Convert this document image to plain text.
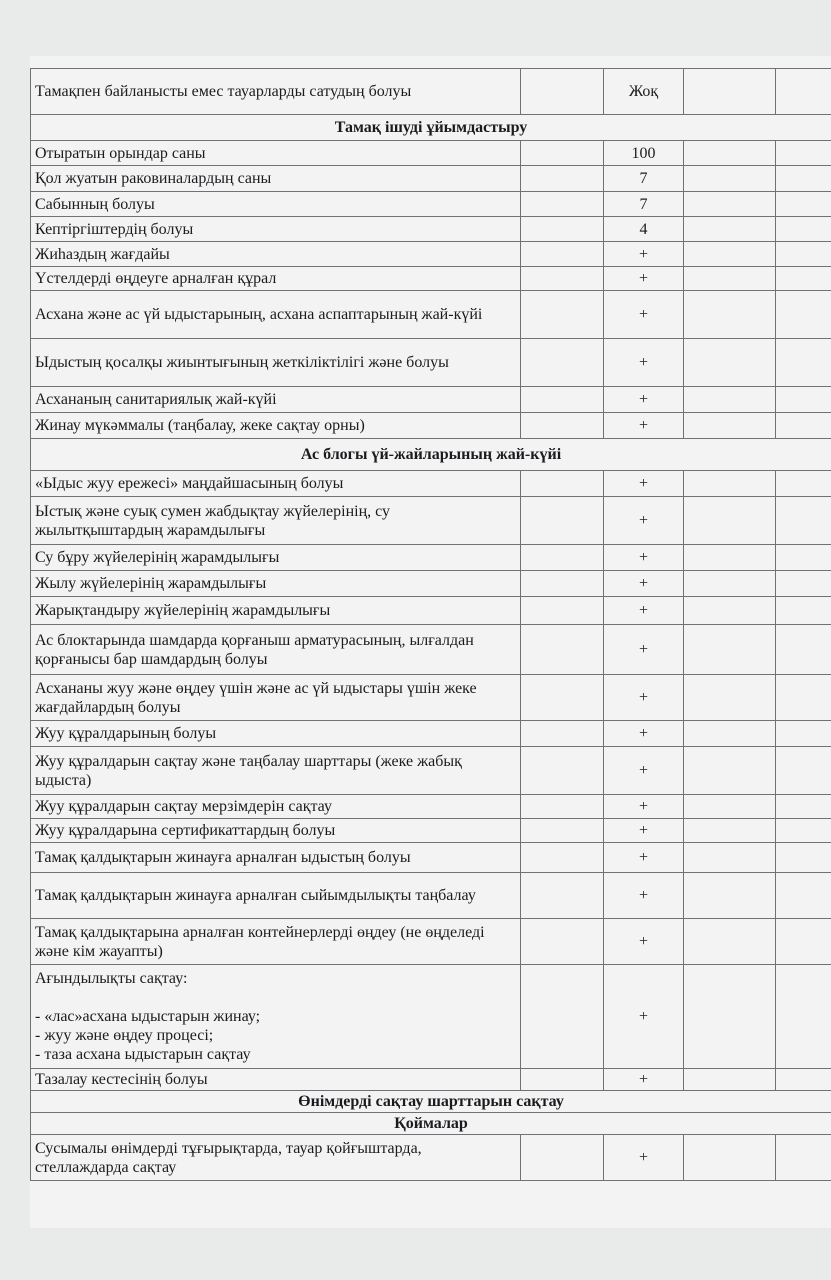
Тамақпен байланысты емес тауарларды сатудың болуы		Жоқ		
Тамақ ішуді ұйымдастыру				
Отыратын орындар саны		100		
Қол жуатын раковиналардың саны		7		
Сабынның болуы		7		
Кептіргіштердің болуы		4		
Жиһаздың жағдайы		+		
Үстелдерді өңдеуге арналған құрал		+		
Асхана және ас үй ыдыстарының, асхана аспаптарының жай-күйі		+		
Ыдыстың қосалқы жиынтығының жеткіліктілігі және болуы		+		
Асхананың санитариялық жай-күйі		+		
Жинау мүкәммалы (таңбалау, жеке сақтау орны)		+		
Ас блогы үй-жайларының жай-күйі				
«Ыдыс жуу ережесі» маңдайшасының болуы		+		
Ыстық және суық сумен жабдықтау жүйелерінің, су жылытқыштардың жарамдылығы		+		
Су бұру жүйелерінің жарамдылығы		+		
Жылу жүйелерінің жарамдылығы		+		
Жарықтандыру жүйелерінің жарамдылығы		+		
Ас блоктарында шамдарда қорғаныш арматурасының, ылғалдан қорғанысы бар шамдардың болуы		+		
Асхананы жуу және өңдеу үшін және ас үй ыдыстары үшін жеке жағдайлардың болуы		+		
Жуу құралдарының болуы		+		
Жуу құралдарын сақтау және таңбалау шарттары (жеке жабық ыдыста)		+		
Жуу құралдарын сақтау мерзімдерін сақтау		+		
Жуу құралдарына сертификаттардың болуы		+		
Тамақ қалдықтарын жинауға арналған ыдыстың болуы		+		
Тамақ қалдықтарын жинауға арналған сыйымдылықты таңбалау		+		
Тамақ қалдықтарына арналған контейнерлерді өңдеу (не өңделеді және кім жауапты)		+		
Ағындылықты сақтау:

- «лас»асхана ыдыстарын жинау;
- жуу және өңдеу процесі;
- таза асхана ыдыстарын сақтау		+		
Тазалау кестесінің болуы		+		
Өнімдерді сақтау шарттарын сақтау				
Қоймалар				
Сусымалы өнімдерді тұғырықтарда, тауар қойғыштарда, стеллаждарда сақтау		+		
